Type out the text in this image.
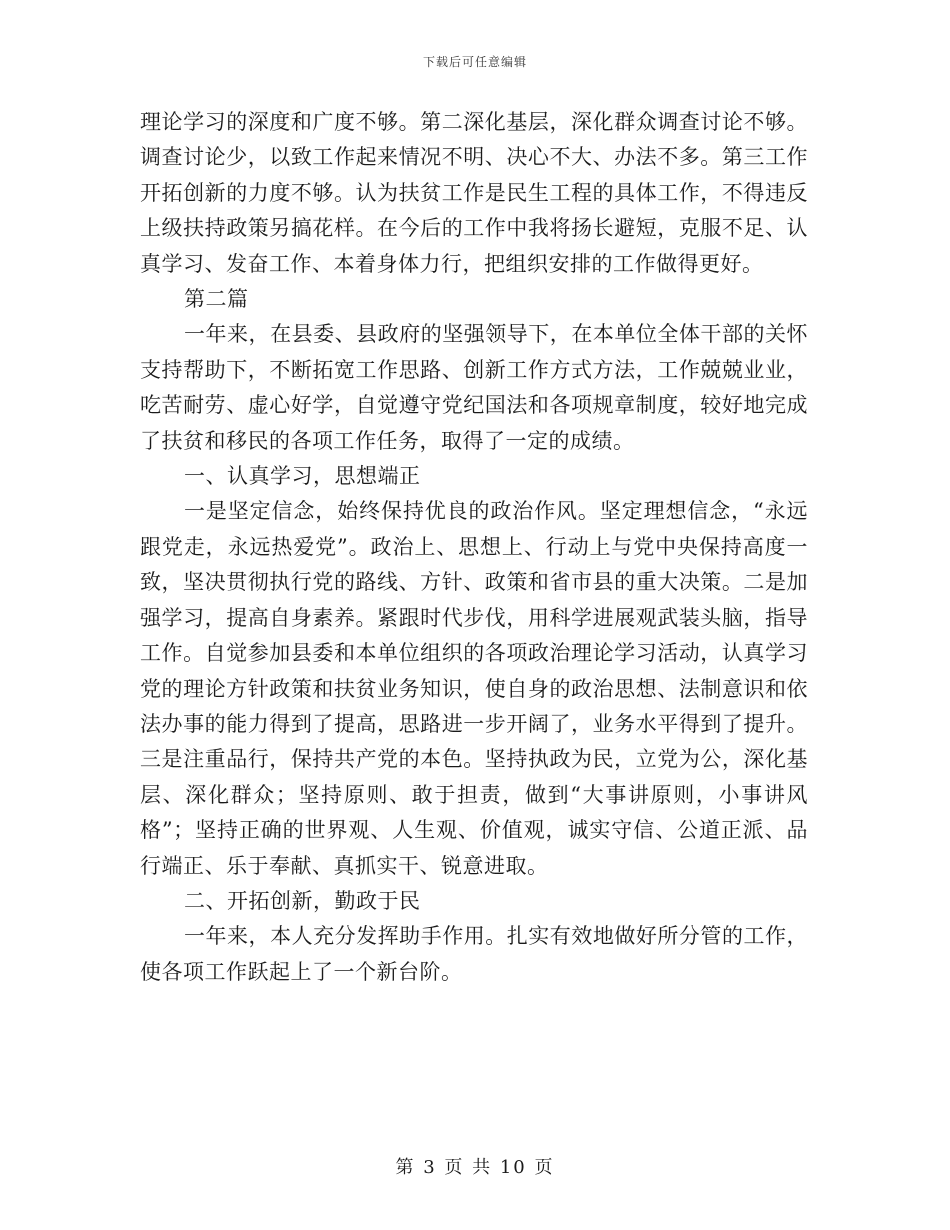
下载后可任意编辑

理论学习的深度和广度不够。第二深化基层，深化群众调查讨论不够。调查讨论少，以致工作起来情况不明、决心不大、办法不多。第三工作开拓创新的力度不够。认为扶贫工作是民生工程的具体工作，不得违反上级扶持政策另搞花样。在今后的工作中我将扬长避短，克服不足、认真学习、发奋工作、本着身体力行，把组织安排的工作做得更好。

第二篇

一年来，在县委、县政府的坚强领导下，在本单位全体干部的关怀支持帮助下，不断拓宽工作思路、创新工作方式方法，工作兢兢业业，吃苦耐劳、虚心好学，自觉遵守党纪国法和各项规章制度，较好地完成了扶贫和移民的各项工作任务，取得了一定的成绩。

一、认真学习，思想端正

一是坚定信念，始终保持优良的政治作风。坚定理想信念，“永远跟党走，永远热爱党”。政治上、思想上、行动上与党中央保持高度一致，坚决贯彻执行党的路线、方针、政策和省市县的重大决策。二是加强学习，提高自身素养。紧跟时代步伐，用科学进展观武装头脑，指导工作。自觉参加县委和本单位组织的各项政治理论学习活动，认真学习党的理论方针政策和扶贫业务知识，使自身的政治思想、法制意识和依法办事的能力得到了提高，思路进一步开阔了，业务水平得到了提升。三是注重品行，保持共产党的本色。坚持执政为民，立党为公，深化基层、深化群众；坚持原则、敢于担责，做到“大事讲原则，小事讲风格”；坚持正确的世界观、人生观、价值观，诚实守信、公道正派、品行端正、乐于奉献、真抓实干、锐意进取。

二、开拓创新，勤政于民

一年来，本人充分发挥助手作用。扎实有效地做好所分管的工作，使各项工作跃起上了一个新台阶。

第 3 页 共 10 页
